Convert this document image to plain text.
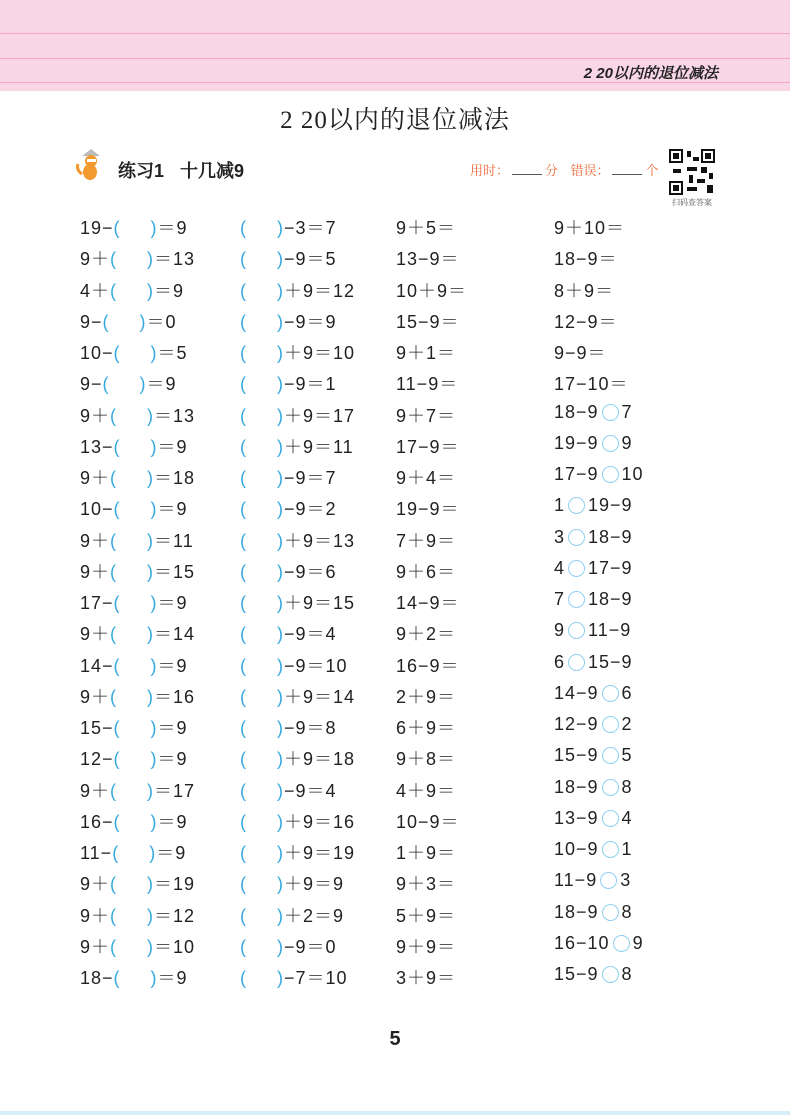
2 20以内的退位减法
2 20以内的退位减法
练习1 十几减9	用时：	分 错误：	个
扫码查答案
19−( )＝9	( )−3＝7	9＋5＝	9＋10＝
9＋( )＝13 ( )−9＝5	13−9＝	18−9＝
4＋( )＝9	( )＋9＝12 10＋9＝	8＋9＝
9−( )＝0	( )−9＝9	15−9＝	12−9＝
10−( )＝5	( )＋9＝10 9＋1＝	9−9＝
9−( )＝9	( )−9＝1	11−9＝	17−10＝
9＋( )＝13 ( )＋9＝17 9＋7＝	18−9 7
13−( )＝9	( )＋9＝11 17−9＝	19−9 9
9＋( )＝18 ( )−9＝7	9＋4＝	17−9 10
10−( )＝9	( )−9＝2	19−9＝	1 19−9
9＋( )＝11	( )＋9＝13 7＋9＝	3 18−9
9＋( )＝15 ( )−9＝6	9＋6＝	4 17−9
17−( )＝9	( )＋9＝15 14−9＝	7 18−9
9＋( )＝14 ( )−9＝4	9＋2＝	9 11−9
14−( )＝9	( )−9＝10	16−9＝	6 15−9
9＋( )＝16 ( )＋9＝14 2＋9＝	14−9 6
15−( )＝9	( )−9＝8	6＋9＝	12−9 2
12−( )＝9	( )＋9＝18 9＋8＝	15−9 5
9＋( )＝17 ( )−9＝4	4＋9＝	18−9 8
16−( )＝9	( )＋9＝16 10−9＝	13−9 4
11−( )＝9	( )＋9＝19 1＋9＝	10−9 1
9＋( )＝19 ( )＋9＝9	9＋3＝	11−9 3
9＋( )＝12 ( )＋2＝9	5＋9＝	18−9 8
9＋( )＝10 ( )−9＝0	9＋9＝	16−10 9
18−( )＝9	( )−7＝10	3＋9＝	15−9 8
5
